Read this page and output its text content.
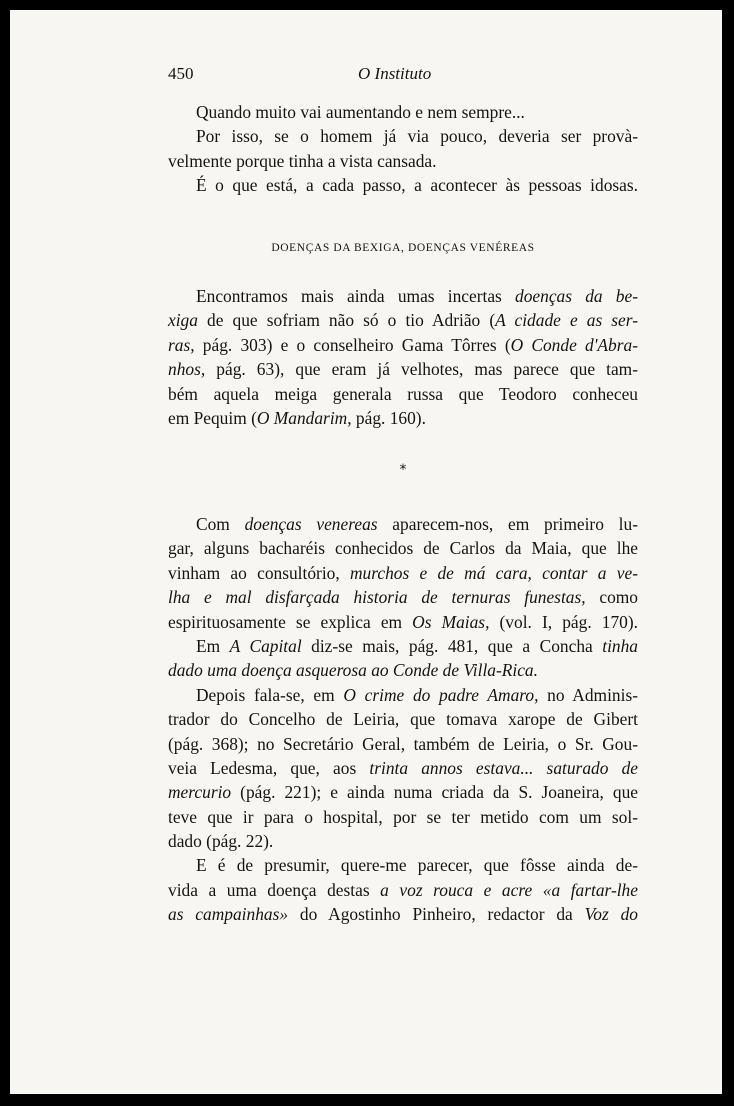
450	O Instituto
Quando muito vai aumentando e nem sempre...
Por isso, se o homem já via pouco, deveria ser provà-
velmente porque tinha a vista cansada.
É o que está, a cada passo, a acontecer às pessoas idosas.
DOENÇAS DA BEXIGA, DOENÇAS VENÉREAS
Encontramos mais ainda umas incertas doenças da be-
xiga de que sofriam não só o tio Adrião (A cidade e as ser-
ras, pág. 303) e o conselheiro Gama Tôrres (O Conde d'Abra-
nhos, pág. 63), que eram já velhotes, mas parece que tam-
bém aquela meiga generala russa que Teodoro conheceu
em Pequim (O Mandarim, pág. 160).
*
Com doenças venereas aparecem-nos, em primeiro lu-
gar, alguns bacharéis conhecidos de Carlos da Maia, que lhe
vinham ao consultório, murchos e de má cara, contar a ve-
lha e mal disfarçada historia de ternuras funestas, como
espirituosamente se explica em Os Maias, (vol. I, pág. 170).
Em A Capital diz-se mais, pág. 481, que a Concha tinha
dado uma doença asquerosa ao Conde de Villa-Rica.
Depois fala-se, em O crime do padre Amaro, no Adminis-
trador do Concelho de Leiria, que tomava xarope de Gibert
(pág. 368); no Secretário Geral, também de Leiria, o Sr. Gou-
veia Ledesma, que, aos trinta annos estava... saturado de
mercurio (pág. 221); e ainda numa criada da S. Joaneira, que
teve que ir para o hospital, por se ter metido com um sol-
dado (pág. 22).
E é de presumir, quere-me parecer, que fôsse ainda de-
vida a uma doença destas a voz rouca e acre «a fartar-lhe
as campainhas» do Agostinho Pinheiro, redactor da Voz do
